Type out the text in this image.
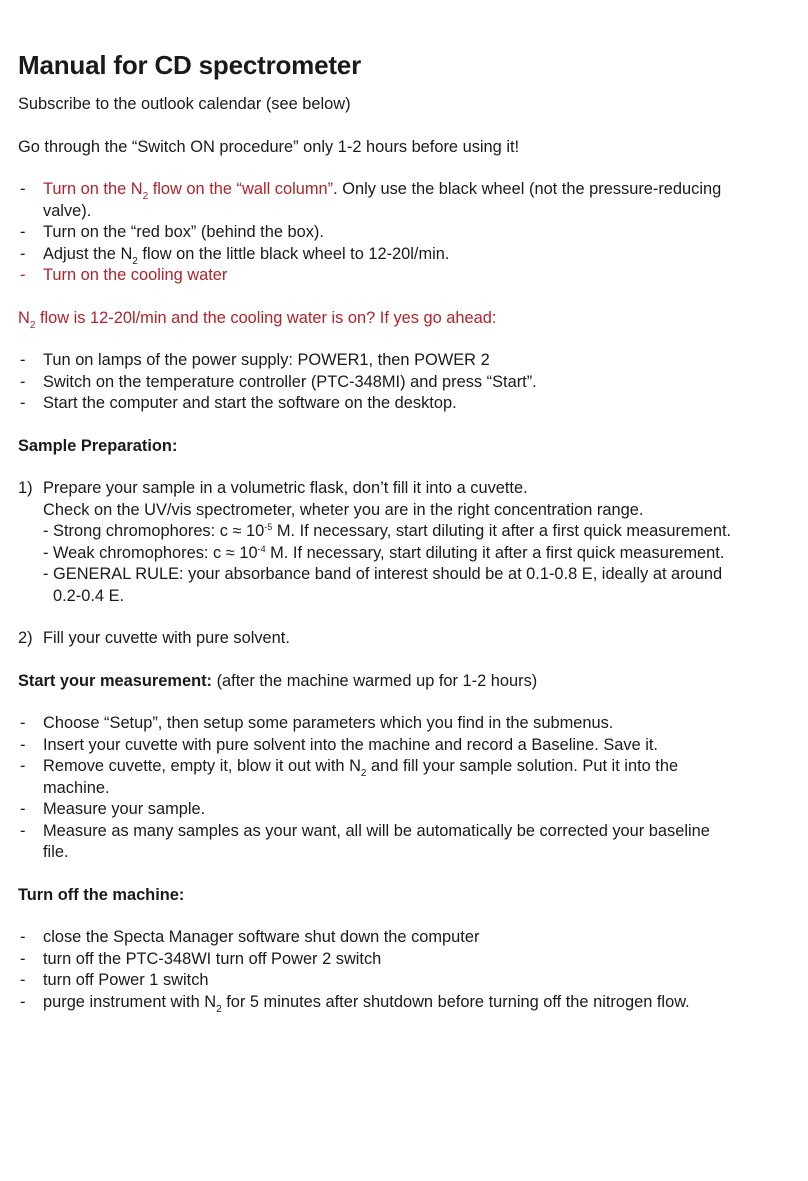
Manual for CD spectrometer

Subscribe to the outlook calendar (see below)

Go through the “Switch ON procedure” only 1-2 hours before using it!

- Turn on the $N_2$ flow on the “wall column”. Only use the black wheel (not the pressure-reducing

valve).

- Turn on the “red box” (behind the box).

- Adjust the $N_2$ flow on the little black wheel to 12-20l/min.

- Turn on the cooling water

$N_2$ flow is 12-20l/min and the cooling water is on? If yes go ahead:

- Tun on lamps of the power supply: POWER1, then POWER 2

- Switch on the temperature controller (PTC-348MI) and press “Start”.

- Start the computer and start the software on the desktop.

Sample Preparation:

1) Prepare your sample in a volumetric flask, don’t fill it into a cuvette.

Check on the UV/vis spectrometer, wheter you are in the right concentration range.

- Strong chromophores: $c \approx 10^{-5}$ M. If necessary, start diluting it after a first quick measurement.

- Weak chromophores: $c \approx 10^{-4}$ M. If necessary, start diluting it after a first quick measurement.

- GENERAL RULE: your absorbance band of interest should be at 0.1-0.8 E, ideally at around

0.2-0.4 E.

2) Fill your cuvette with pure solvent.

Start your measurement: (after the machine warmed up for 1-2 hours)

- Choose “Setup”, then setup some parameters which you find in the submenus.

- Insert your cuvette with pure solvent into the machine and record a Baseline. Save it.

- Remove cuvette, empty it, blow it out with $N_2$ and fill your sample solution. Put it into the

machine.

- Measure your sample.

- Measure as many samples as your want, all will be automatically be corrected your baseline

file.

Turn off the machine:

- close the Specta Manager software shut down the computer

- turn off the PTC-348WI turn off Power 2 switch

- turn off Power 1 switch

- purge instrument with $N_2$ for 5 minutes after shutdown before turning off the nitrogen flow.
